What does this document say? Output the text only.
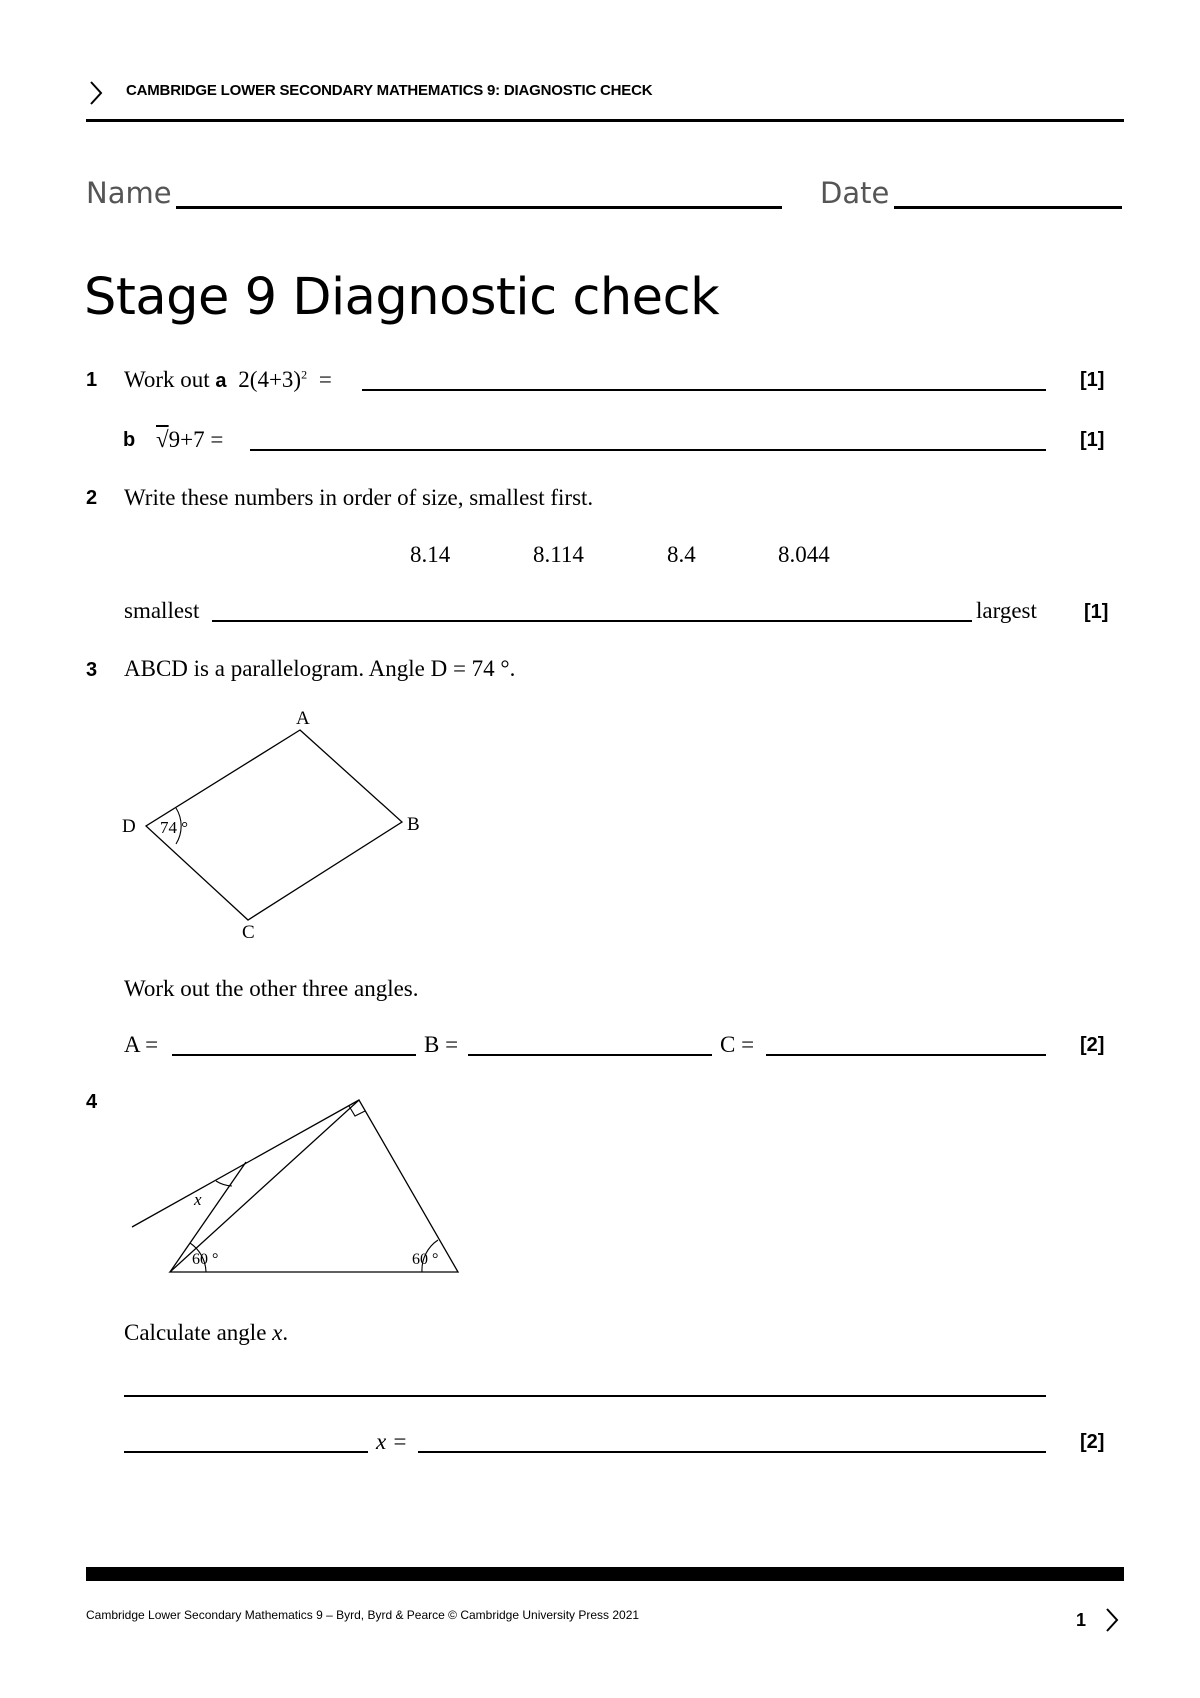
CAMBRIDGE LOWER SECONDARY MATHEMATICS 9: DIAGNOSTIC CHECK
Name	Date
Stage 9 Diagnostic check
1 Work out a $2(4+3)^2$ =	[1]
b √9+7 =	[1]
2 Write these numbers in order of size, smallest first.
8.14	8.114	8.4	8.044
smallest	largest [1]
3 ABCD is a parallelogram. Angle D = 74 °.
A
B
C
D 74 °
Work out the other three angles.
A =	B =	C =	[2]
4
60 °	60 °
x
Calculate angle x.
x =	[2]
Cambridge Lower Secondary Mathematics 9 – Byrd, Byrd & Pearce © Cambridge University Press 2021	1
